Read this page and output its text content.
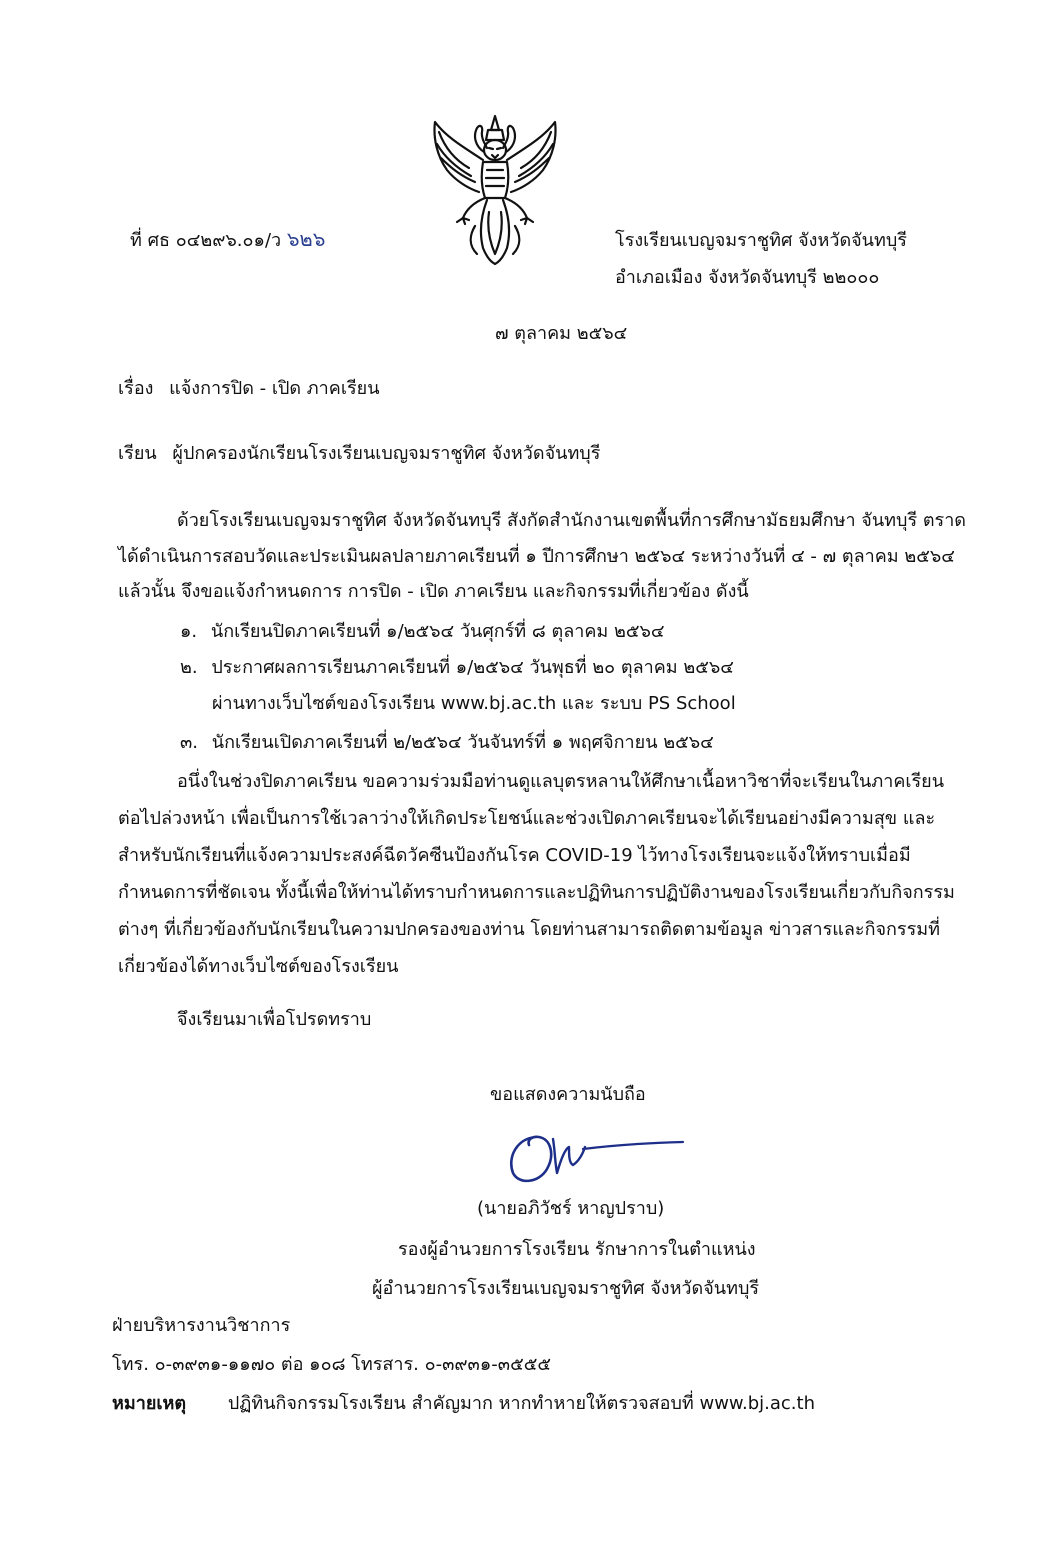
ที่ ศธ ๐๔๒๙๖.๐๑/ว ๖๒๖	โรงเรียนเบญจมราชูทิศ จังหวัดจันทบุรี
อำเภอเมือง จังหวัดจันทบุรี ๒๒๐๐๐
๗ ตุลาคม ๒๕๖๔
เรื่อง แจ้งการปิด - เปิด ภาคเรียน
เรียน ผู้ปกครองนักเรียนโรงเรียนเบญจมราชูทิศ จังหวัดจันทบุรี
ด้วยโรงเรียนเบญจมราชูทิศ จังหวัดจันทบุรี สังกัดสำนักงานเขตพื้นที่การศึกษามัธยมศึกษา จันทบุรี ตราด
ได้ดำเนินการสอบวัดและประเมินผลปลายภาคเรียนที่ ๑ ปีการศึกษา ๒๕๖๔ ระหว่างวันที่ ๔ - ๗ ตุลาคม ๒๕๖๔
แล้วนั้น จึงขอแจ้งกำหนดการ การปิด - เปิด ภาคเรียน และกิจกรรมที่เกี่ยวข้อง ดังนี้
๑. นักเรียนปิดภาคเรียนที่ ๑/๒๕๖๔ วันศุกร์ที่ ๘ ตุลาคม ๒๕๖๔
๒. ประกาศผลการเรียนภาคเรียนที่ ๑/๒๕๖๔ วันพุธที่ ๒๐ ตุลาคม ๒๕๖๔
ผ่านทางเว็บไซต์ของโรงเรียน www.bj.ac.th และ ระบบ PS School
๓. นักเรียนเปิดภาคเรียนที่ ๒/๒๕๖๔ วันจันทร์ที่ ๑ พฤศจิกายน ๒๕๖๔
อนึ่งในช่วงปิดภาคเรียน ขอความร่วมมือท่านดูแลบุตรหลานให้ศึกษาเนื้อหาวิชาที่จะเรียนในภาคเรียน
ต่อไปล่วงหน้า เพื่อเป็นการใช้เวลาว่างให้เกิดประโยชน์และช่วงเปิดภาคเรียนจะได้เรียนอย่างมีความสุข และ
สำหรับนักเรียนที่แจ้งความประสงค์ฉีดวัคซีนป้องกันโรค COVID-19 ไว้ทางโรงเรียนจะแจ้งให้ทราบเมื่อมี
กำหนดการที่ชัดเจน ทั้งนี้เพื่อให้ท่านได้ทราบกำหนดการและปฏิทินการปฏิบัติงานของโรงเรียนเกี่ยวกับกิจกรรม
ต่างๆ ที่เกี่ยวข้องกับนักเรียนในความปกครองของท่าน โดยท่านสามารถติดตามข้อมูล ข่าวสารและกิจกรรมที่
เกี่ยวข้องได้ทางเว็บไซต์ของโรงเรียน
จึงเรียนมาเพื่อโปรดทราบ
ขอแสดงความนับถือ
(นายอภิวัชร์ หาญปราบ)
รองผู้อำนวยการโรงเรียน รักษาการในตำแหน่ง
ผู้อำนวยการโรงเรียนเบญจมราชูทิศ จังหวัดจันทบุรี
ฝ่ายบริหารงานวิชาการ
โทร. ๐-๓๙๓๑-๑๑๗๐ ต่อ ๑๐๘ โทรสาร. ๐-๓๙๓๑-๓๕๕๕
หมายเหตุ ปฏิทินกิจกรรมโรงเรียน สำคัญมาก หากทำหายให้ตรวจสอบที่ www.bj.ac.th
